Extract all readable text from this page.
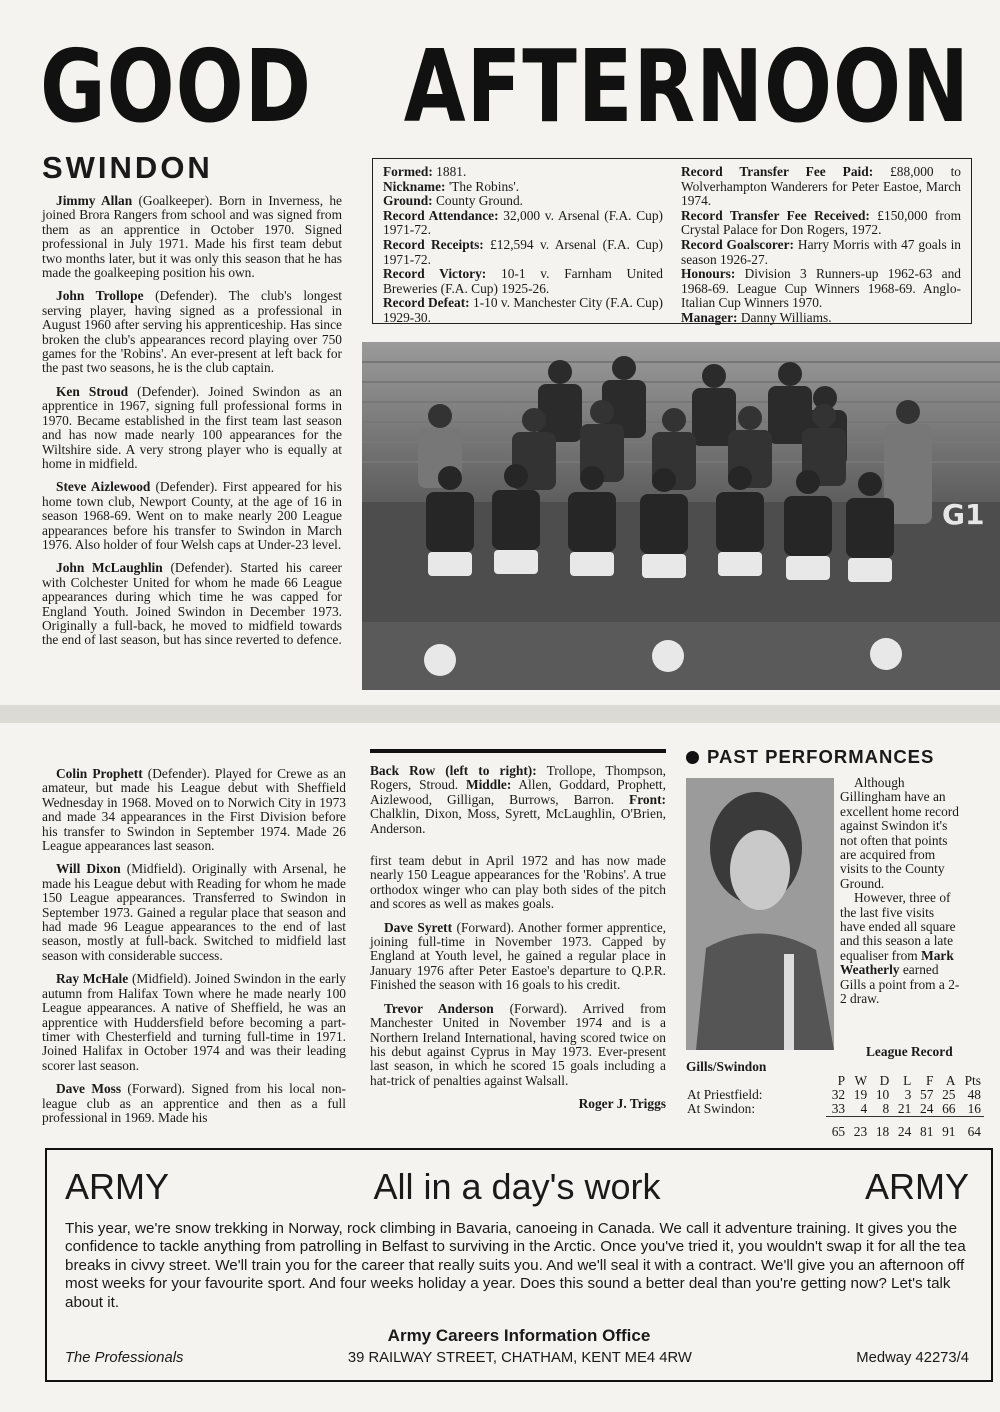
GOOD AFTERNOON
SWINDON

Jimmy Allan (Goalkeeper). Born in Inverness, he joined Brora Rangers from school and was signed from them as an apprentice in October 1970. Signed professional in July 1971. Made his first team debut two months later, but it was only this season that he has made the goalkeeping position his own.

John Trollope (Defender). The club's longest serving player, having signed as a professional in August 1960 after serving his apprenticeship. Has since broken the club's appearances record playing over 750 games for the 'Robins'. An ever-present at left back for the past two seasons, he is the club captain.

Ken Stroud (Defender). Joined Swindon as an apprentice in 1967, signing full professional forms in 1970. Became established in the first team last season and has now made nearly 100 appearances for the Wiltshire side. A very strong player who is equally at home in midfield.

Steve Aizlewood (Defender). First appeared for his home town club, Newport County, at the age of 16 in season 1968-69. Went on to make nearly 200 League appearances before his transfer to Swindon in March 1976. Also holder of four Welsh caps at Under-23 level.

John McLaughlin (Defender). Started his career with Colchester United for whom he made 66 League appearances during which time he was capped for England Youth. Joined Swindon in December 1973. Originally a full-back, he moved to midfield towards the end of last season, but has since reverted to defence.

Formed: 1881.
Nickname: 'The Robins'.
Ground: County Ground.
Record Attendance: 32,000 v. Arsenal (F.A. Cup) 1971-72.
Record Receipts: £12,594 v. Arsenal (F.A. Cup) 1971-72.
Record Victory: 10-1 v. Farnham United Breweries (F.A. Cup) 1925-26.
Record Defeat: 1-10 v. Manchester City (F.A. Cup) 1929-30.
Record Transfer Fee Paid: £88,000 to Wolverhampton Wanderers for Peter Eastoe, March 1974.
Record Transfer Fee Received: £150,000 from Crystal Palace for Don Rogers, 1972.
Record Goalscorer: Harry Morris with 47 goals in season 1926-27.
Honours: Division 3 Runners-up 1962-63 and 1968-69. League Cup Winners 1968-69. Anglo-Italian Cup Winners 1970.
Manager: Danny Williams.
G1

Colin Prophett (Defender). Played for Crewe as an amateur, but made his League debut with Sheffield Wednesday in 1968. Moved on to Norwich City in 1973 and made 34 appearances in the First Division before his transfer to Swindon in September 1974. Made 26 League appearances last season.

Will Dixon (Midfield). Originally with Arsenal, he made his League debut with Reading for whom he made 150 League appearances. Transferred to Swindon in September 1973. Gained a regular place that season and had made 96 League appearances to the end of last season, mostly at full-back. Switched to midfield last season with considerable success.

Ray McHale (Midfield). Joined Swindon in the early autumn from Halifax Town where he made nearly 100 League appearances. A native of Sheffield, he was an apprentice with Huddersfield before becoming a part-timer with Chesterfield and turning full-time in 1971. Joined Halifax in October 1974 and was their leading scorer last season.

Dave Moss (Forward). Signed from his local non-league club as an apprentice and then as a full professional in 1969. Made his

Back Row (left to right): Trollope, Thompson, Rogers, Stroud. Middle: Allen, Goddard, Prophett, Aizlewood, Gilligan, Burrows, Barron. Front: Chalklin, Dixon, Moss, Syrett, McLaughlin, O'Brien, Anderson.

first team debut in April 1972 and has now made nearly 150 League appearances for the 'Robins'. A true orthodox winger who can play both sides of the pitch and scores as well as makes goals.

Dave Syrett (Forward). Another former apprentice, joining full-time in November 1973. Capped by England at Youth level, he gained a regular place in January 1976 after Peter Eastoe's departure to Q.P.R. Finished the season with 16 goals to his credit.

Trevor Anderson (Forward). Arrived from Manchester United in November 1974 and is a Northern Ireland International, having scored twice on his debut against Cyprus in May 1973. Ever-present last season, in which he scored 15 goals including a hat-trick of penalties against Walsall.

Roger J. Triggs

PAST PERFORMANCES

Although Gillingham have an excellent home record against Swindon it's not often that points are acquired from visits to the County Ground.

However, three of the last five visits have ended all square and this season a late equaliser from Mark Weatherly earned Gills a point from a 2-2 draw.

League Record
Gills/Swindon
	P	W	D	L	F	A	Pts
At Priestfield:	32	19	10	3	57	25	48
At Swindon:	33	4	8	21	24	66	16
	65	23	18	24	81	91	64
ARMY	All in a day's work	ARMY
This year, we're snow trekking in Norway, rock climbing in Bavaria, canoeing in Canada. We call it adventure training. It gives you the confidence to tackle anything from patrolling in Belfast to surviving in the Arctic. Once you've tried it, you wouldn't swap it for all the tea breaks in civvy street. We'll train you for the career that really suits you. And we'll seal it with a contract. We'll give you an afternoon off most weeks for your favourite sport. And four weeks holiday a year. Does this sound a better deal than you're getting now? Let's talk about it.
Army Careers Information Office
The Professionals	39 RAILWAY STREET, CHATHAM, KENT ME4 4RW	Medway 42273/4
